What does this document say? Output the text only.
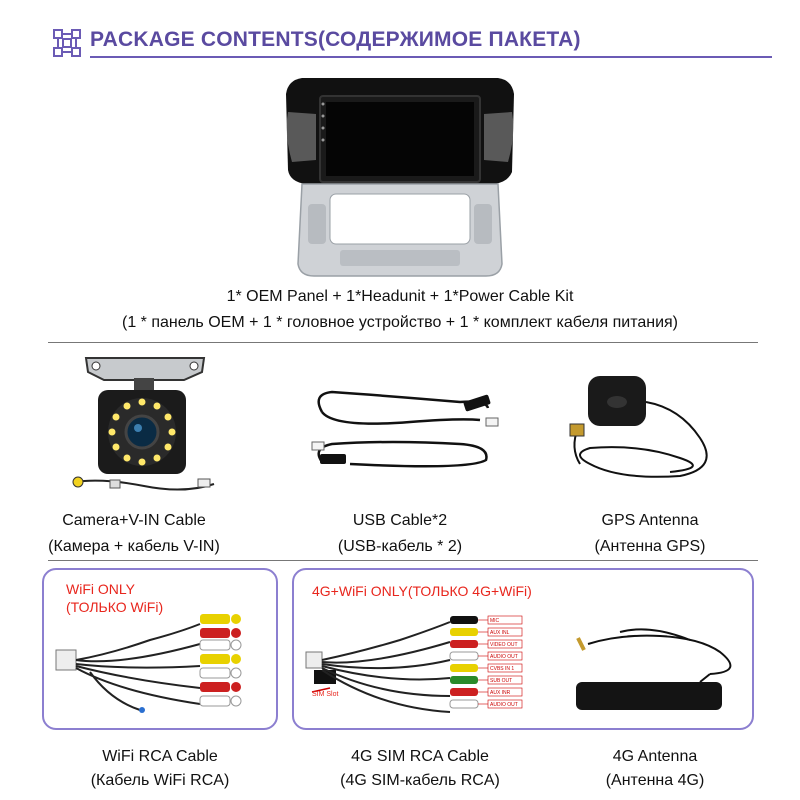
PACKAGE CONTENTS(СОДЕРЖИМОЕ ПАКЕТА)
1* OEM Panel + 1*Headunit + 1*Power Cable Kit
(1 * панель OEM + 1 * головное устройство + 1 * комплект кабеля питания)
Camera+V-IN Cable
(Камера + кабель V-IN)
USB Cable*2
(USB-кабель * 2)
GPS Antenna
(Антенна GPS)
WiFi ONLY
(ТОЛЬКО WiFi)
WiFi RCA Cable
(Кабель WiFi RCA)
4G+WiFi ONLY(ТОЛЬКО 4G+WiFi)
MIC
AUX INL
VIDEO OUT
AUDIO OUT
CVBS IN 1
SUB OUT
AUX INR
AUDIO OUT
SIM Slot
4G SIM RCA Cable
(4G SIM-кабель RCA)
4G Antenna
(Антенна 4G)
